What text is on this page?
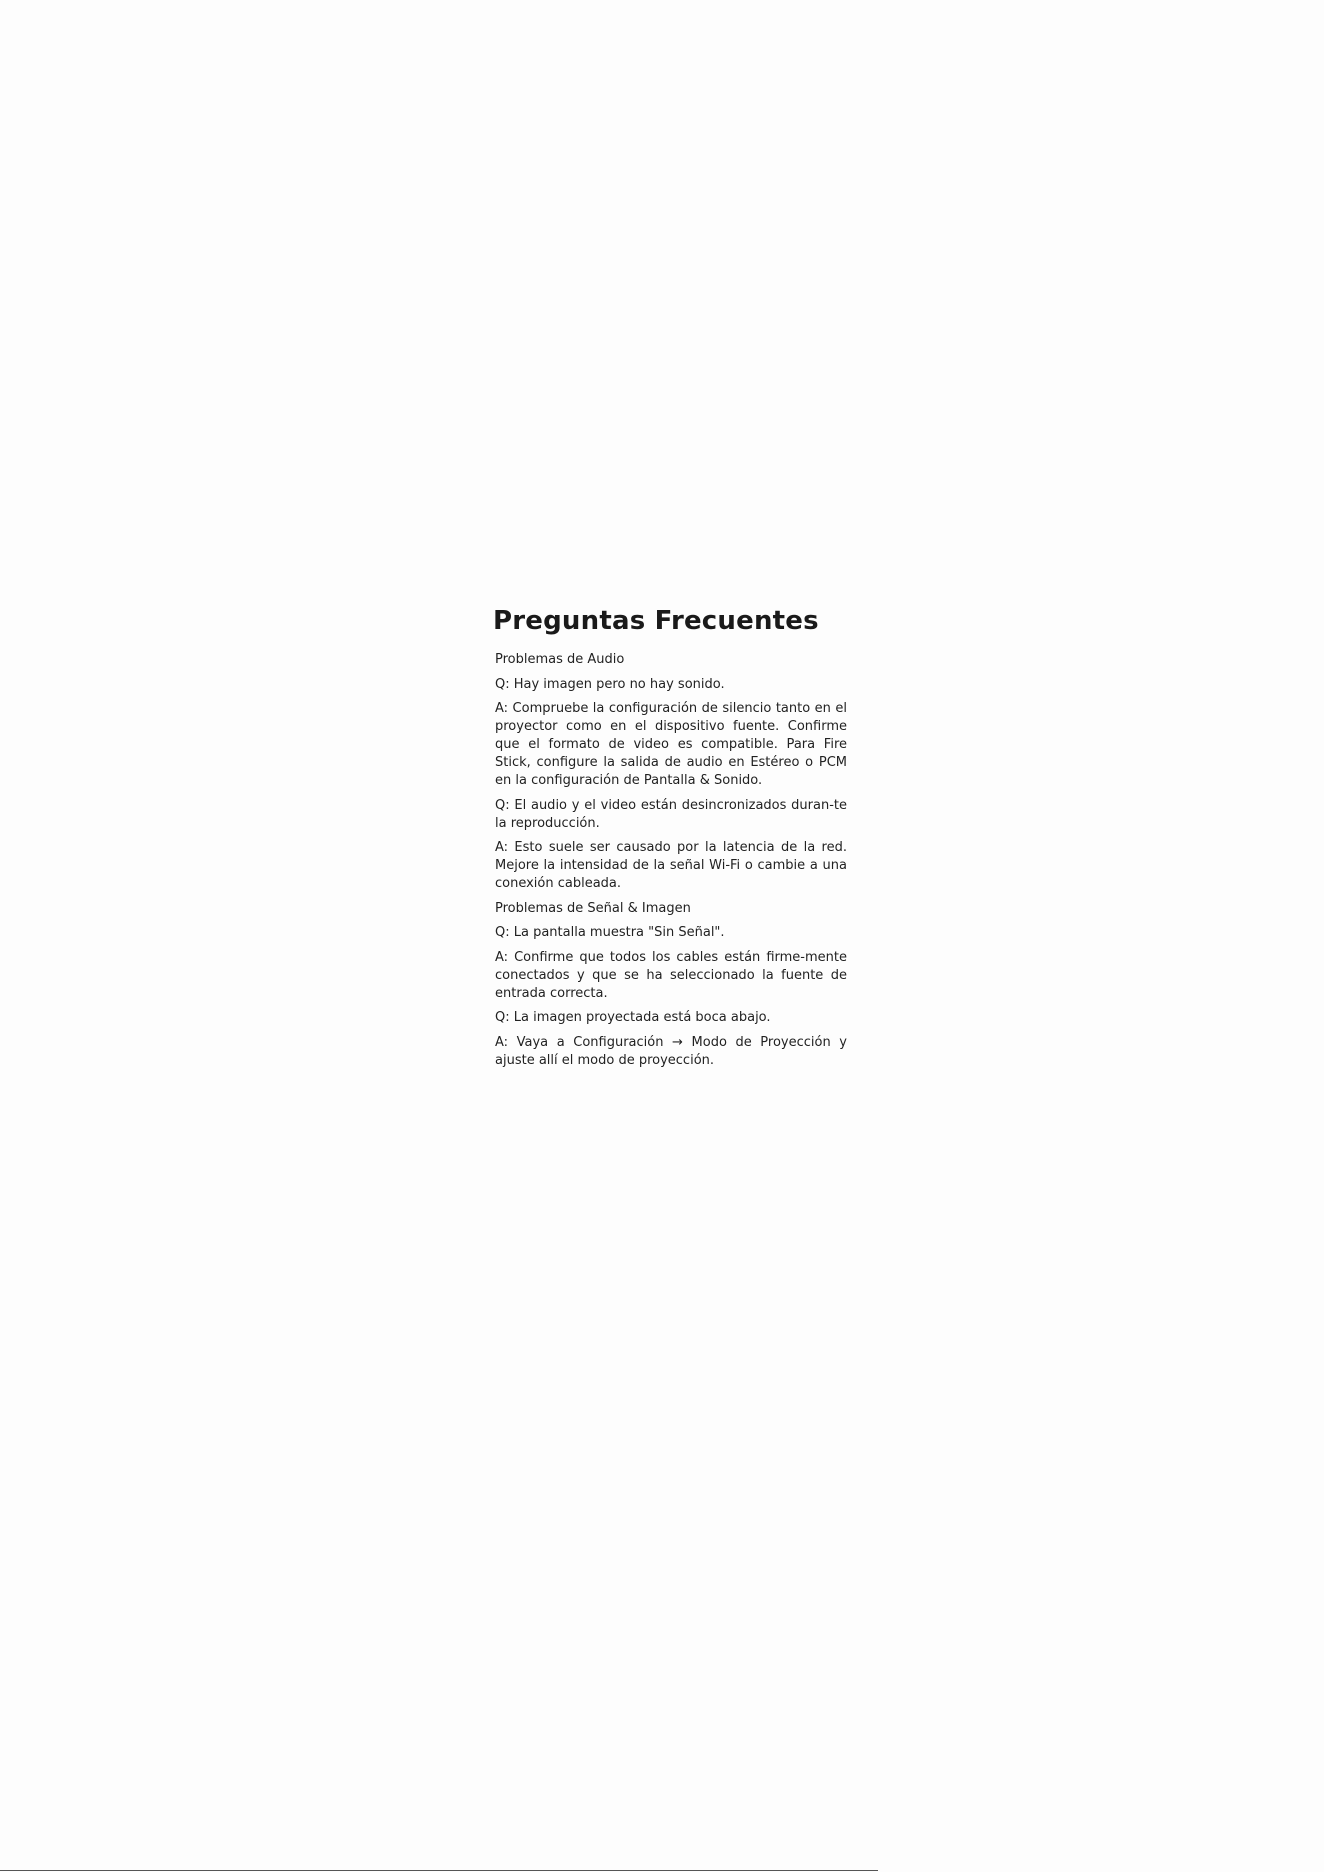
Preguntas Frecuentes

Problemas de Audio

Q: Hay imagen pero no hay sonido.

A: Compruebe la configuración de silencio tanto en el proyector como en el dispositivo fuente. Confirme que el formato de video es compatible. Para Fire Stick, configure la salida de audio en Estéreo o PCM en la configuración de Pantalla & Sonido.

Q: El audio y el video están desincronizados duran-te la reproducción.

A: Esto suele ser causado por la latencia de la red. Mejore la intensidad de la señal Wi-Fi o cambie a una conexión cableada.

Problemas de Señal & Imagen

Q: La pantalla muestra "Sin Señal".

A: Confirme que todos los cables están firme-mente conectados y que se ha seleccionado la fuente de entrada correcta.

Q: La imagen proyectada está boca abajo.

A: Vaya a Configuración → Modo de Proyección y ajuste allí el modo de proyección.
